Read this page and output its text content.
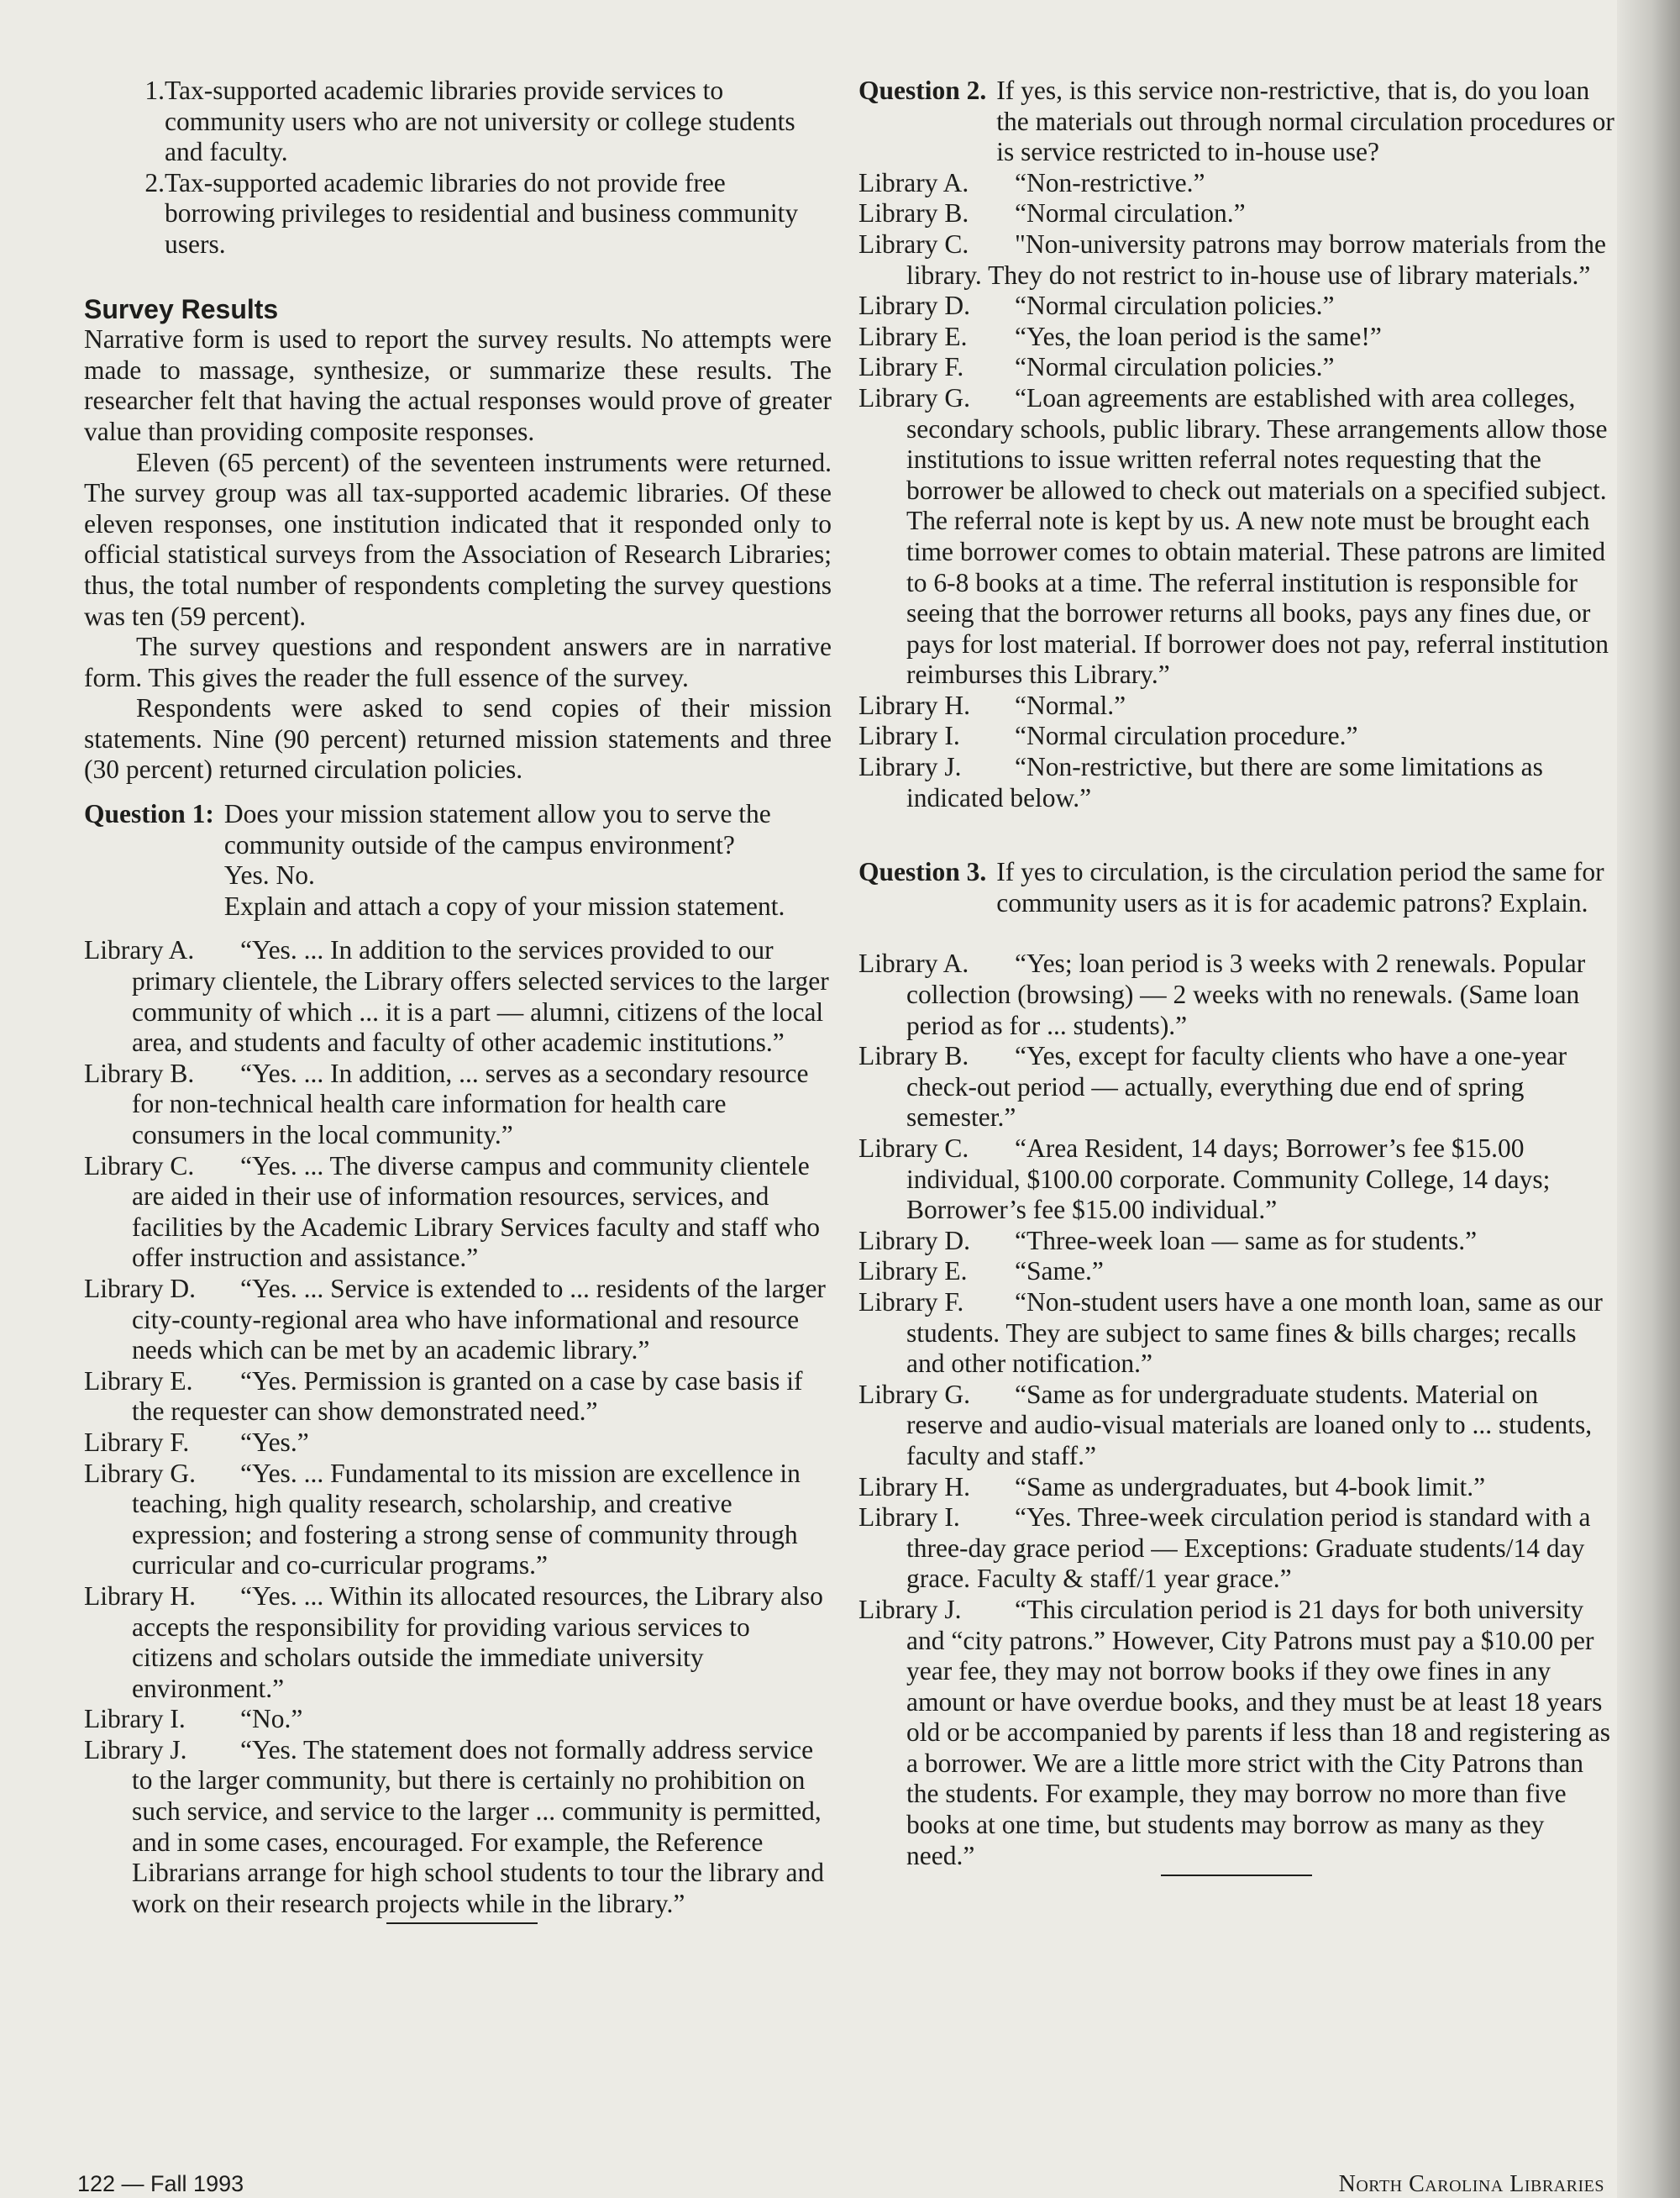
1. Tax-supported academic libraries provide services to community users who are not university or college students and faculty.
2. Tax-supported academic libraries do not provide free borrowing privileges to residential and business community users.

Survey Results

Narrative form is used to report the survey results. No attempts were made to massage, synthesize, or summarize these results. The researcher felt that having the actual responses would prove of greater value than providing composite responses.

Eleven (65 percent) of the seventeen instruments were returned. The survey group was all tax-supported academic libraries. Of these eleven responses, one institution indicated that it responded only to official statistical surveys from the Association of Research Libraries; thus, the total number of respondents completing the survey questions was ten (59 percent).

The survey questions and respondent answers are in narrative form. This gives the reader the full essence of the survey.

Respondents were asked to send copies of their mission statements. Nine (90 percent) returned mission statements and three (30 percent) returned circulation policies.

Question 1: Does your mission statement allow you to serve the community outside of the campus environment?
Yes. No.
Explain and attach a copy of your mission statement.

Library A. “Yes. ... In addition to the services provided to our primary clientele, the Library offers selected services to the larger community of which ... it is a part — alumni, citizens of the local area, and students and faculty of other academic institutions.”

Library B. “Yes. ... In addition, ... serves as a secondary resource for non-technical health care information for health care consumers in the local community.”

Library C. “Yes. ... The diverse campus and community clientele are aided in their use of information resources, services, and facilities by the Academic Library Services faculty and staff who offer instruction and assistance.”

Library D. “Yes. ... Service is extended to ... residents of the larger city-county-regional area who have informational and resource needs which can be met by an academic library.”

Library E. “Yes. Permission is granted on a case by case basis if the requester can show demonstrated need.”

Library F. “Yes.”

Library G. “Yes. ... Fundamental to its mission are excellence in teaching, high quality research, scholarship, and creative expression; and fostering a strong sense of community through curricular and co-curricular programs.”

Library H. “Yes. ... Within its allocated resources, the Library also accepts the responsibility for providing various services to citizens and scholars outside the immediate university environment.”

Library I. “No.”

Library J. “Yes. The statement does not formally address service to the larger community, but there is certainly no prohibition on such service, and service to the larger ... community is permitted, and in some cases, encouraged. For example, the Reference Librarians arrange for high school students to tour the library and work on their research projects while in the library.”

Question 2. If yes, is this service non-restrictive, that is, do you loan the materials out through normal circulation procedures or is service restricted to in-house use?

Library A. “Non-restrictive.”

Library B. “Normal circulation.”

Library C. "Non-university patrons may borrow materials from the library. They do not restrict to in-house use of library materials.”

Library D. “Normal circulation policies.”

Library E. “Yes, the loan period is the same!”

Library F. “Normal circulation policies.”

Library G. “Loan agreements are established with area colleges, secondary schools, public library. These arrangements allow those institutions to issue written referral notes requesting that the borrower be allowed to check out materials on a specified subject. The referral note is kept by us. A new note must be brought each time borrower comes to obtain material. These patrons are limited to 6-8 books at a time. The referral institution is responsible for seeing that the borrower returns all books, pays any fines due, or pays for lost material. If borrower does not pay, referral institution reimburses this Library.”

Library H. “Normal.”

Library I. “Normal circulation procedure.”

Library J. “Non-restrictive, but there are some limitations as indicated below.”

Question 3. If yes to circulation, is the circulation period the same for community users as it is for academic patrons? Explain.

Library A. “Yes; loan period is 3 weeks with 2 renewals. Popular collection (browsing) — 2 weeks with no renewals. (Same loan period as for ... students).”

Library B. “Yes, except for faculty clients who have a one-year check-out period — actually, everything due end of spring semester.”

Library C. “Area Resident, 14 days; Borrower’s fee $15.00 individual, $100.00 corporate. Community College, 14 days; Borrower’s fee $15.00 individual.”

Library D. “Three-week loan — same as for students.”

Library E. “Same.”

Library F. “Non-student users have a one month loan, same as our students. They are subject to same fines & bills charges; recalls and other notification.”

Library G. “Same as for undergraduate students. Material on reserve and audio-visual materials are loaned only to ... students, faculty and staff.”

Library H. “Same as undergraduates, but 4-book limit.”

Library I. “Yes. Three-week circulation period is standard with a three-day grace period — Exceptions: Graduate students/14 day grace. Faculty & staff/1 year grace.”

Library J. “This circulation period is 21 days for both university and “city patrons.” However, City Patrons must pay a $10.00 per year fee, they may not borrow books if they owe fines in any amount or have overdue books, and they must be at least 18 years old or be accompanied by parents if less than 18 and registering as a borrower. We are a little more strict with the City Patrons than the students. For example, they may borrow no more than five books at one time, but students may borrow as many as they need.”

122 — Fall 1993	North Carolina Libraries
